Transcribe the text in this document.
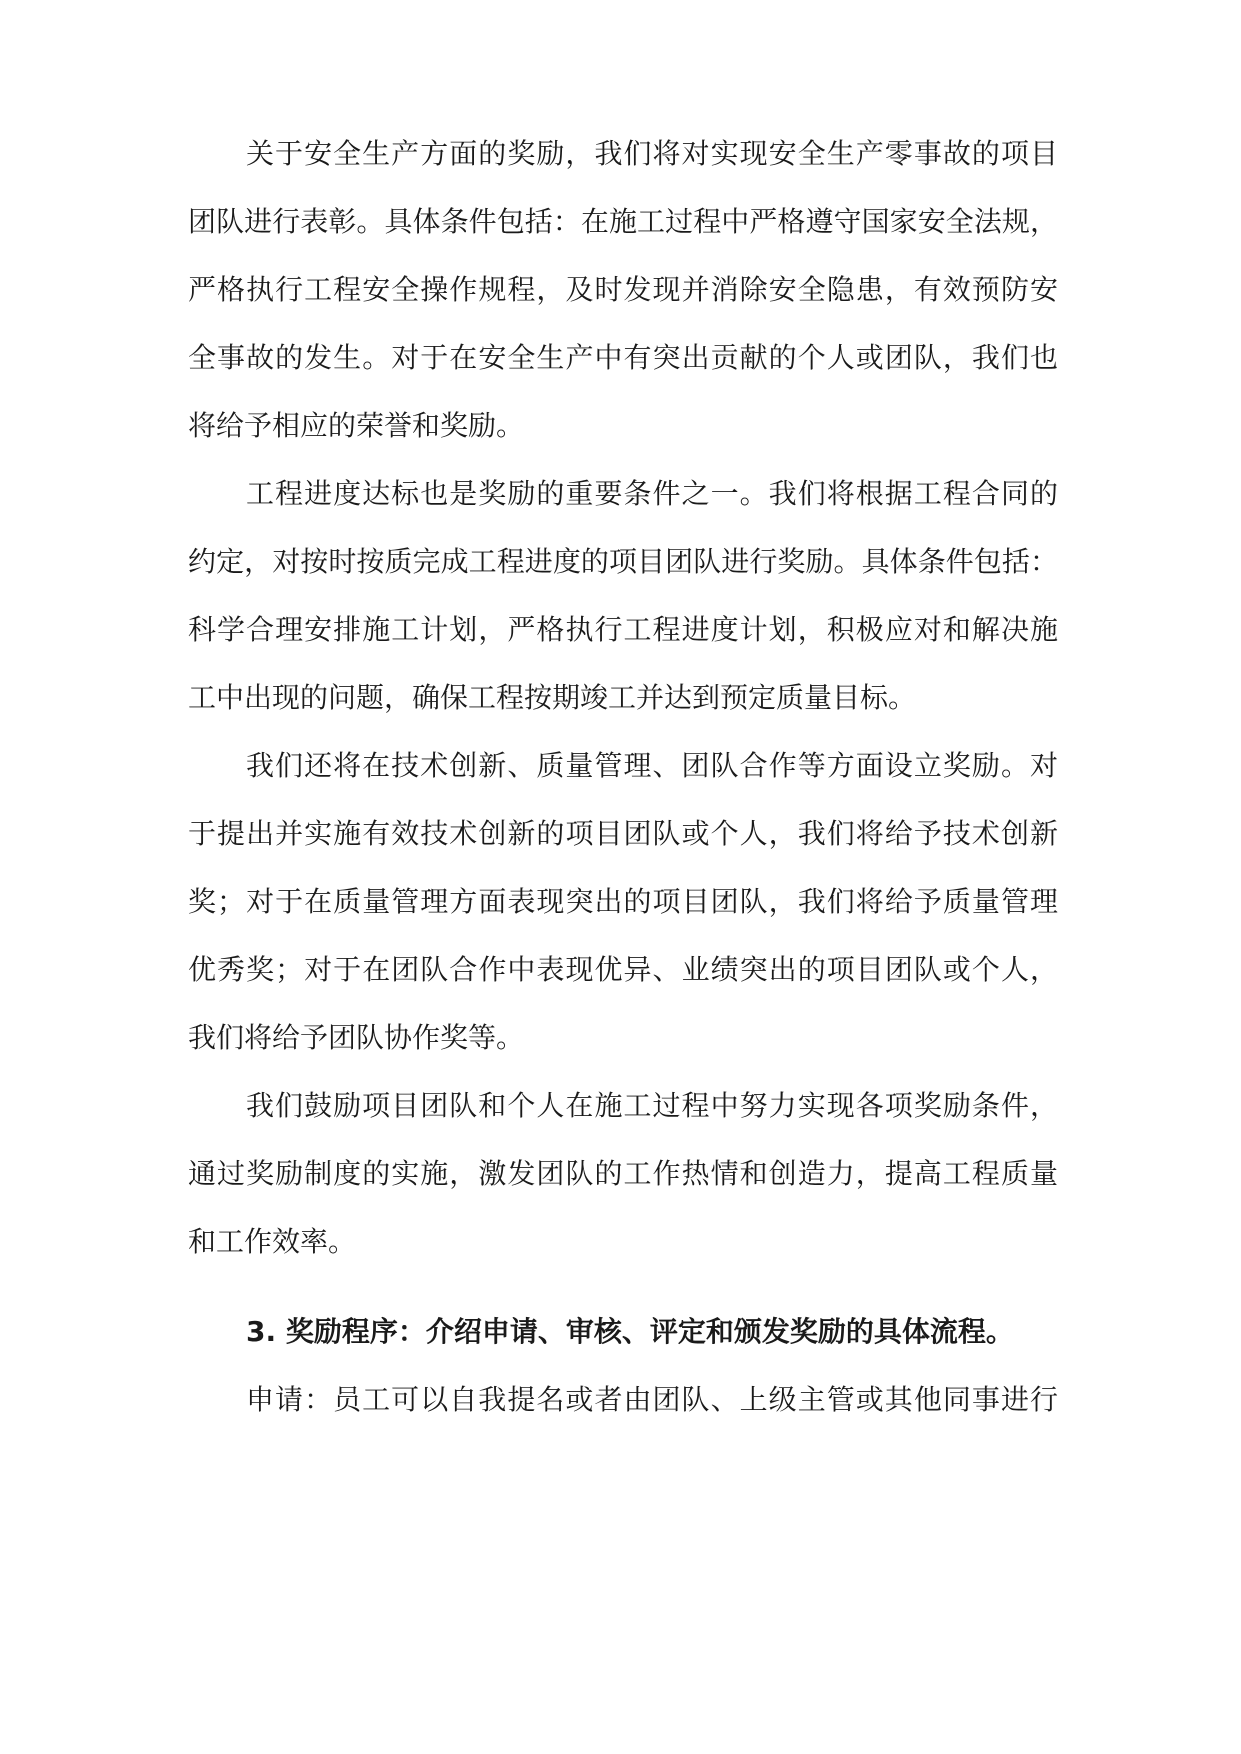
关于安全生产方面的奖励，我们将对实现安全生产零事故的项目
团队进行表彰。具体条件包括：在施工过程中严格遵守国家安全法规，
严格执行工程安全操作规程，及时发现并消除安全隐患，有效预防安
全事故的发生。对于在安全生产中有突出贡献的个人或团队，我们也
将给予相应的荣誉和奖励。
工程进度达标也是奖励的重要条件之一。我们将根据工程合同的
约定，对按时按质完成工程进度的项目团队进行奖励。具体条件包括：
科学合理安排施工计划，严格执行工程进度计划，积极应对和解决施
工中出现的问题，确保工程按期竣工并达到预定质量目标。
我们还将在技术创新、质量管理、团队合作等方面设立奖励。对
于提出并实施有效技术创新的项目团队或个人，我们将给予技术创新
奖；对于在质量管理方面表现突出的项目团队，我们将给予质量管理
优秀奖；对于在团队合作中表现优异、业绩突出的项目团队或个人，
我们将给予团队协作奖等。
我们鼓励项目团队和个人在施工过程中努力实现各项奖励条件，
通过奖励制度的实施，激发团队的工作热情和创造力，提高工程质量
和工作效率。
3. 奖励程序：介绍申请、审核、评定和颁发奖励的具体流程。
申请：员工可以自我提名或者由团队、上级主管或其他同事进行
